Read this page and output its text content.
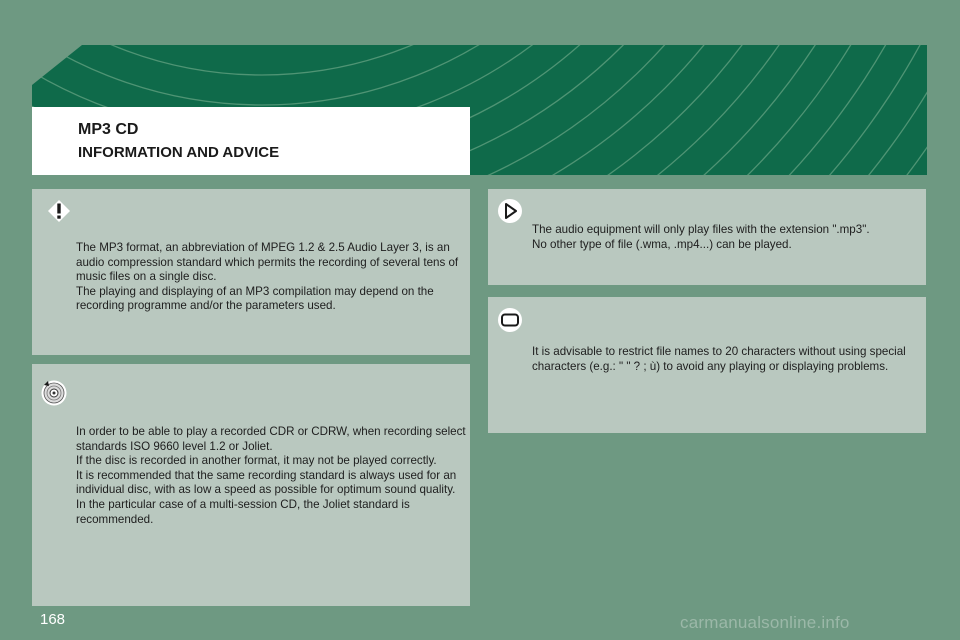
MP3 CD
INFORMATION AND ADVICE

The MP3 format, an abbreviation of MPEG 1.2 & 2.5 Audio Layer 3, is an audio compression standard which permits the recording of several tens of music files on a single disc.

The playing and displaying of an MP3 compilation may depend on the recording programme and/or the parameters used.

In order to be able to play a recorded CDR or CDRW, when recording select standards ISO 9660 level 1.2 or Joliet.

If the disc is recorded in another format, it may not be played correctly.

It is recommended that the same recording standard is always used for an individual disc, with as low a speed as possible for optimum sound quality.

In the particular case of a multi-session CD, the Joliet standard is recommended.

The audio equipment will only play files with the extension ".mp3".

No other type of file (.wma, .mp4...) can be played.

It is advisable to restrict file names to 20 characters without using special characters (e.g.: " " ? ; ù) to avoid any playing or displaying problems.

168	carmanualsonline.info
